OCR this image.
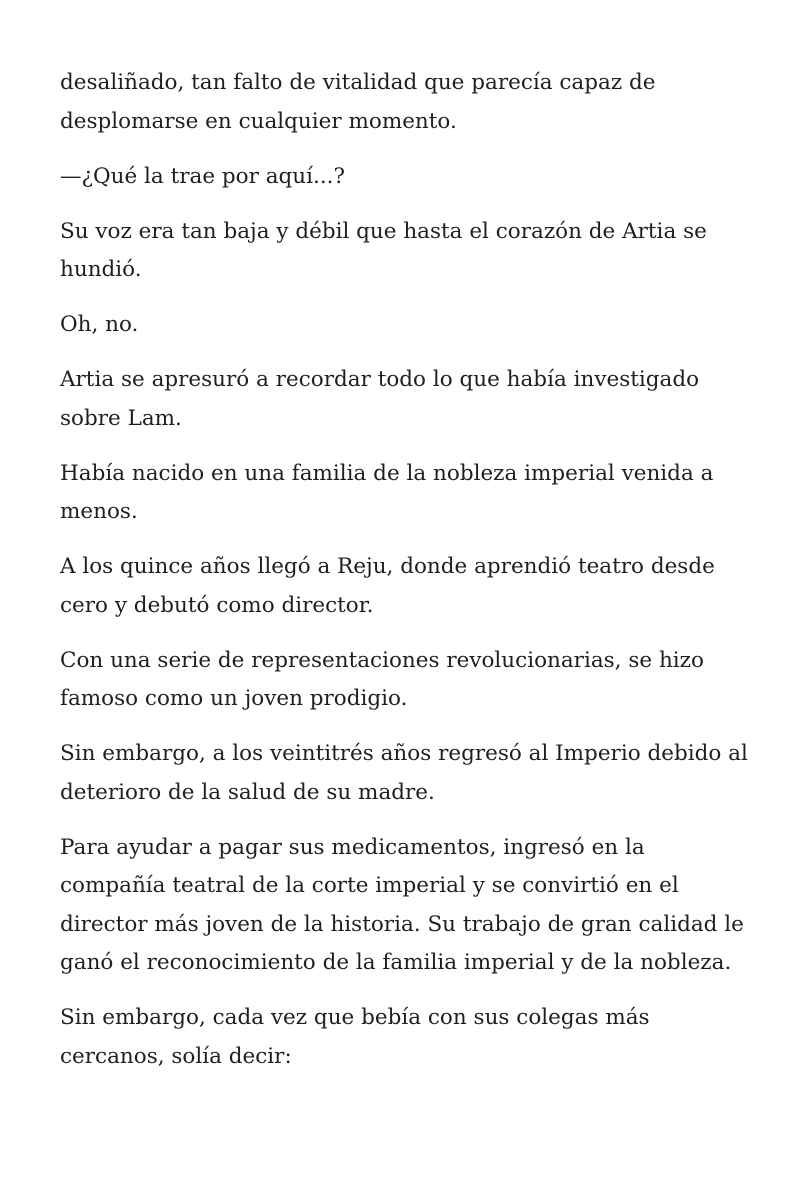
desaliñado, tan falto de vitalidad que parecía capaz de desplomarse en cualquier momento.

—¿Qué la trae por aquí...?

Su voz era tan baja y débil que hasta el corazón de Artia se hundió.

Oh, no.

Artia se apresuró a recordar todo lo que había investigado sobre Lam.

Había nacido en una familia de la nobleza imperial venida a menos.

A los quince años llegó a Reju, donde aprendió teatro desde cero y debutó como director.

Con una serie de representaciones revolucionarias, se hizo famoso como un joven prodigio.

Sin embargo, a los veintitrés años regresó al Imperio debido al deterioro de la salud de su madre.

Para ayudar a pagar sus medicamentos, ingresó en la compañía teatral de la corte imperial y se convirtió en el director más joven de la historia. Su trabajo de gran calidad le ganó el reconocimiento de la familia imperial y de la nobleza.

Sin embargo, cada vez que bebía con sus colegas más cercanos, solía decir:
